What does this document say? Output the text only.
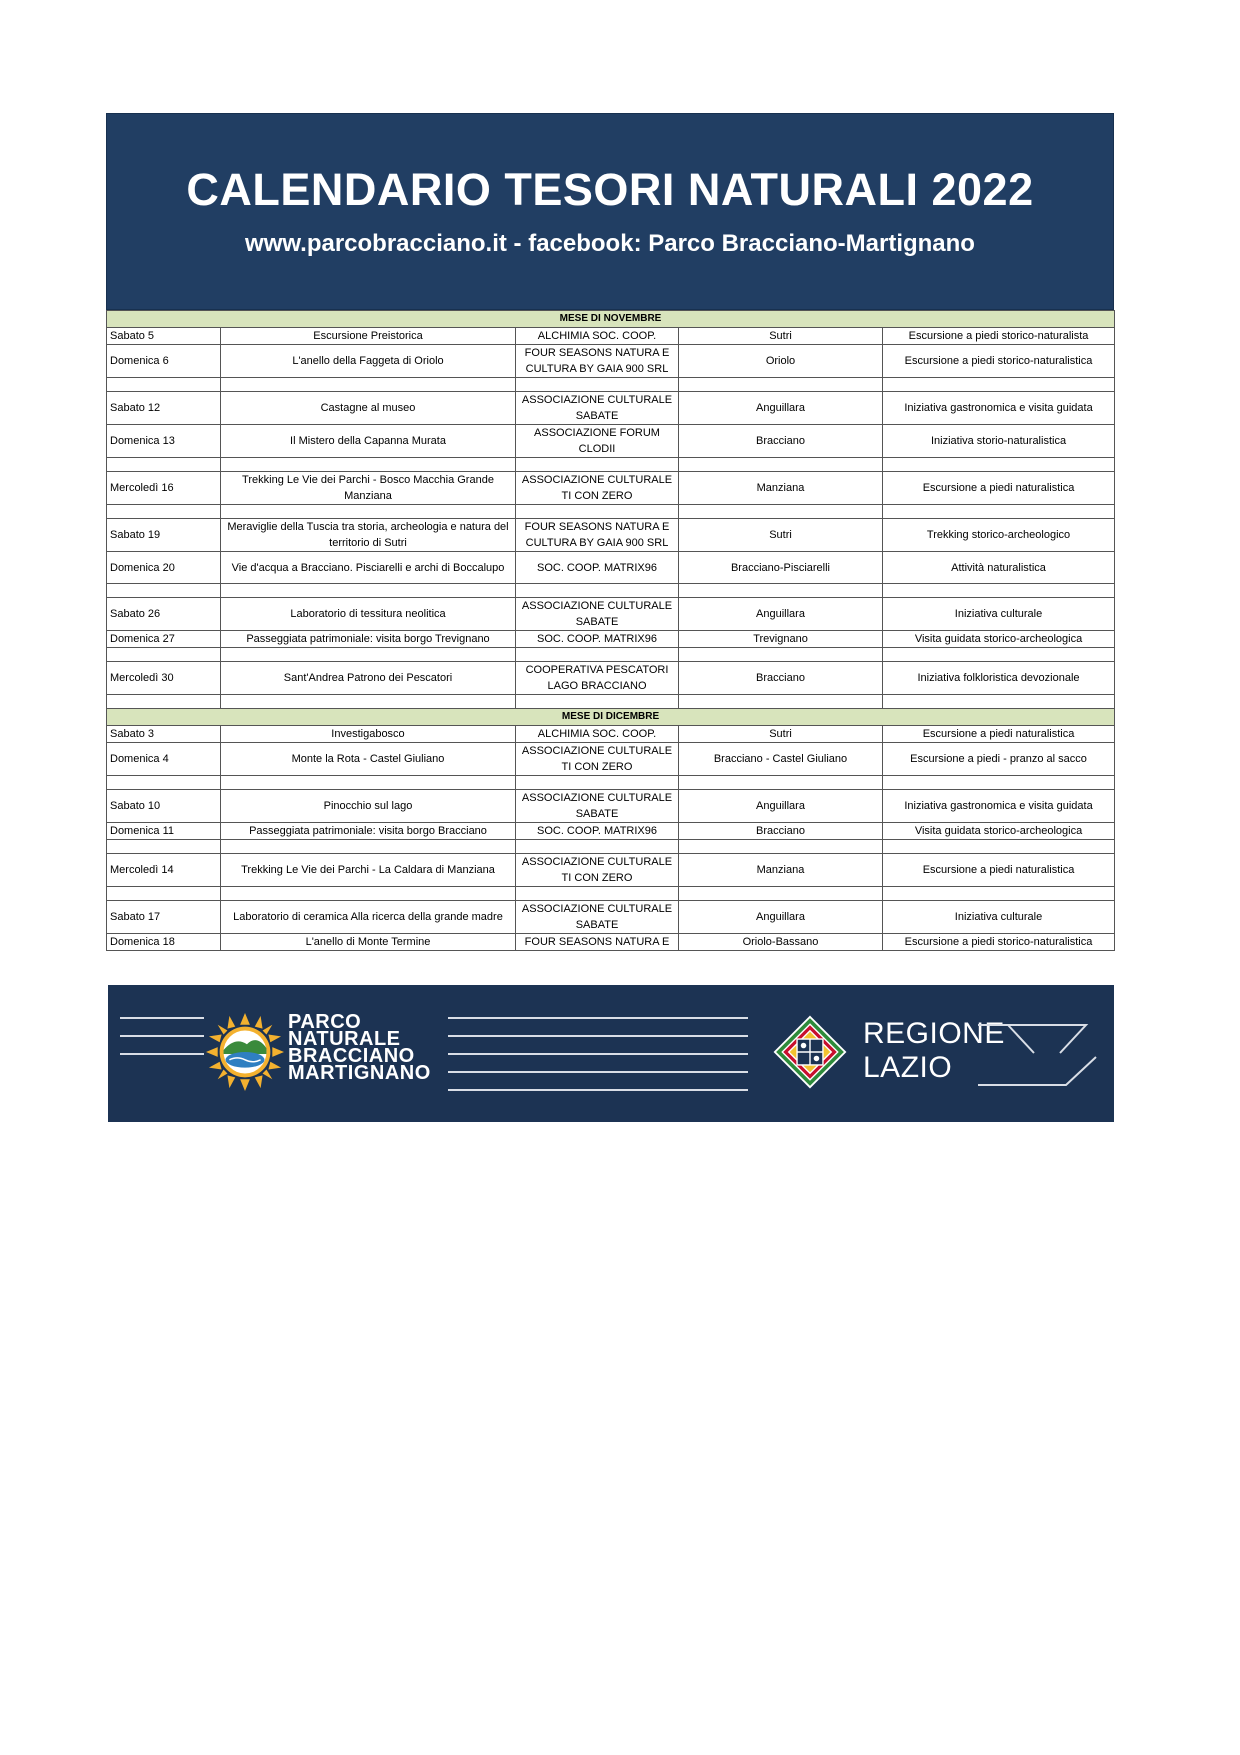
CALENDARIO TESORI NATURALI 2022
www.parcobracciano.it - facebook: Parco Bracciano-Martignano
MESE DI NOVEMBRE				
Sabato 5	Escursione Preistorica	ALCHIMIA SOC. COOP.	Sutri	Escursione a piedi storico-naturalista
Domenica 6	L'anello della Faggeta di Oriolo	FOUR SEASONS NATURA E CULTURA BY GAIA 900 SRL	Oriolo	Escursione a piedi storico-naturalistica

Sabato 12	Castagne al museo	ASSOCIAZIONE CULTURALE SABATE	Anguillara	Iniziativa gastronomica e visita guidata
Domenica 13	Il Mistero della Capanna Murata	ASSOCIAZIONE FORUM CLODII	Bracciano	Iniziativa storio-naturalistica

Mercoledì 16	Trekking Le Vie dei Parchi - Bosco Macchia Grande Manziana	ASSOCIAZIONE CULTURALE TI CON ZERO	Manziana	Escursione a piedi naturalistica

Sabato 19	Meraviglie della Tuscia tra storia, archeologia e natura del territorio di Sutri	FOUR SEASONS NATURA E CULTURA BY GAIA 900 SRL	Sutri	Trekking storico-archeologico
Domenica 20	Vie d'acqua a Bracciano. Pisciarelli e archi di Boccalupo	SOC. COOP. MATRIX96	Bracciano-Pisciarelli	Attività naturalistica

Sabato 26	Laboratorio di tessitura neolitica	ASSOCIAZIONE CULTURALE SABATE	Anguillara	Iniziativa culturale
Domenica 27	Passeggiata patrimoniale: visita borgo Trevignano	SOC. COOP. MATRIX96	Trevignano	Visita guidata storico-archeologica

Mercoledì 30	Sant'Andrea Patrono dei Pescatori	COOPERATIVA PESCATORI LAGO BRACCIANO	Bracciano	Iniziativa folkloristica devozionale

MESE DI DICEMBRE				
Sabato 3	Investigabosco	ALCHIMIA SOC. COOP.	Sutri	Escursione a piedi naturalistica
Domenica 4	Monte la Rota - Castel Giuliano	ASSOCIAZIONE CULTURALE TI CON ZERO	Bracciano - Castel Giuliano	Escursione a piedi - pranzo al sacco

Sabato 10	Pinocchio sul lago	ASSOCIAZIONE CULTURALE SABATE	Anguillara	Iniziativa gastronomica e visita guidata
Domenica 11	Passeggiata patrimoniale: visita borgo Bracciano	SOC. COOP. MATRIX96	Bracciano	Visita guidata storico-archeologica

Mercoledì 14	Trekking Le Vie dei Parchi - La Caldara di Manziana	ASSOCIAZIONE CULTURALE TI CON ZERO	Manziana	Escursione a piedi naturalistica

Sabato 17	Laboratorio di ceramica Alla ricerca della grande madre	ASSOCIAZIONE CULTURALE SABATE	Anguillara	Iniziativa culturale
Domenica 18	L'anello di Monte Termine	FOUR SEASONS NATURA E	Oriolo-Bassano	Escursione a piedi storico-naturalistica
PARCO
NATURALE
BRACCIANO
MARTIGNANO
REGIONE
LAZIO
